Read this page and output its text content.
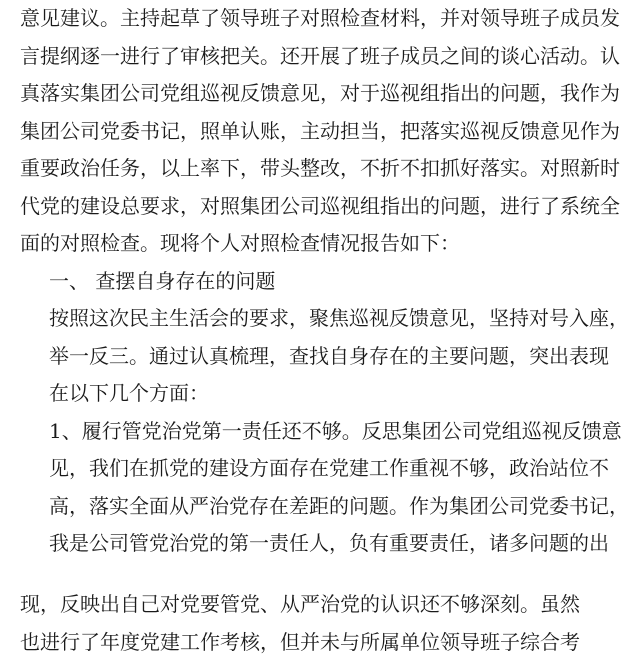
意见建议。主持起草了领导班子对照检查材料，并对领导班子成员发
言提纲逐一进行了审核把关。还开展了班子成员之间的谈心活动。认
真落实集团公司党组巡视反馈意见，对于巡视组指出的问题，我作为
集团公司党委书记，照单认账，主动担当，把落实巡视反馈意见作为
重要政治任务，以上率下，带头整改，不折不扣抓好落实。对照新时
代党的建设总要求，对照集团公司巡视组指出的问题，进行了系统全
面的对照检查。现将个人对照检查情况报告如下：
一、 查摆自身存在的问题
按照这次民主生活会的要求，聚焦巡视反馈意见，坚持对号入座，
举一反三。通过认真梳理，查找自身存在的主要问题，突出表现
在以下几个方面：
1、履行管党治党第一责任还不够。反思集团公司党组巡视反馈意
见，我们在抓党的建设方面存在党建工作重视不够，政治站位不
高，落实全面从严治党存在差距的问题。作为集团公司党委书记，
我是公司管党治党的第一责任人，负有重要责任，诸多问题的出
现，反映出自己对党要管党、从严治党的认识还不够深刻。虽然
也进行了年度党建工作考核，但并未与所属单位领导班子综合考
